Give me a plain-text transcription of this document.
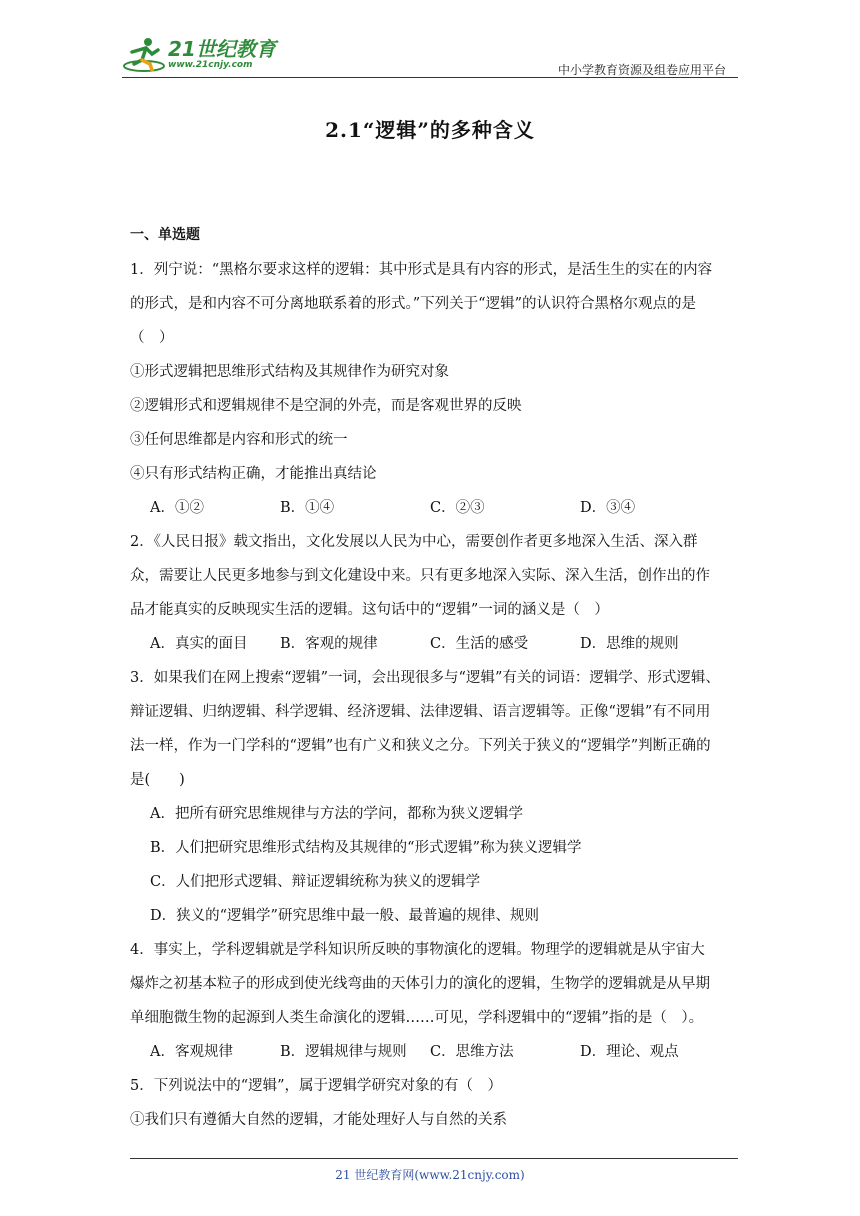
21世纪教育
www.21cnjy.com	中小学教育资源及组卷应用平台
2.1“逻辑”的多种含义
一、单选题
1．列宁说：“黑格尔要求这样的逻辑：其中形式是具有内容的形式，是活生生的实在的内容
的形式，是和内容不可分离地联系着的形式。”下列关于“逻辑”的认识符合黑格尔观点的是
（　）
①形式逻辑把思维形式结构及其规律作为研究对象
②逻辑形式和逻辑规律不是空洞的外壳，而是客观世界的反映
③任何思维都是内容和形式的统一
④只有形式结构正确，才能推出真结论
A．①②	B．①④	C．②③	D．③④
2．《人民日报》载文指出，文化发展以人民为中心，需要创作者更多地深入生活、深入群
众，需要让人民更多地参与到文化建设中来。只有更多地深入实际、深入生活，创作出的作
品才能真实的反映现实生活的逻辑。这句话中的“逻辑”一词的涵义是（　）
A．真实的面目 B．客观的规律	C．生活的感受	D．思维的规则
3．如果我们在网上搜索“逻辑”一词，会出现很多与“逻辑”有关的词语：逻辑学、形式逻辑、
辩证逻辑、归纳逻辑、科学逻辑、经济逻辑、法律逻辑、语言逻辑等。正像“逻辑”有不同用
法一样，作为一门学科的“逻辑”也有广义和狭义之分。下列关于狭义的“逻辑学”判断正确的
是(　　)
A．把所有研究思维规律与方法的学问，都称为狭义逻辑学
B．人们把研究思维形式结构及其规律的“形式逻辑”称为狭义逻辑学
C．人们把形式逻辑、辩证逻辑统称为狭义的逻辑学
D．狭义的“逻辑学”研究思维中最一般、最普遍的规律、规则
4．事实上，学科逻辑就是学科知识所反映的事物演化的逻辑。物理学的逻辑就是从宇宙大
爆炸之初基本粒子的形成到使光线弯曲的天体引力的演化的逻辑，生物学的逻辑就是从早期
单细胞微生物的起源到人类生命演化的逻辑……可见，学科逻辑中的“逻辑”指的是（　）。
A．客观规律	B．逻辑规律与规则 C．思维方法	D．理论、观点
5．下列说法中的“逻辑”，属于逻辑学研究对象的有（　）
①我们只有遵循大自然的逻辑，才能处理好人与自然的关系
21 世纪教育网(www.21cnjy.com)
